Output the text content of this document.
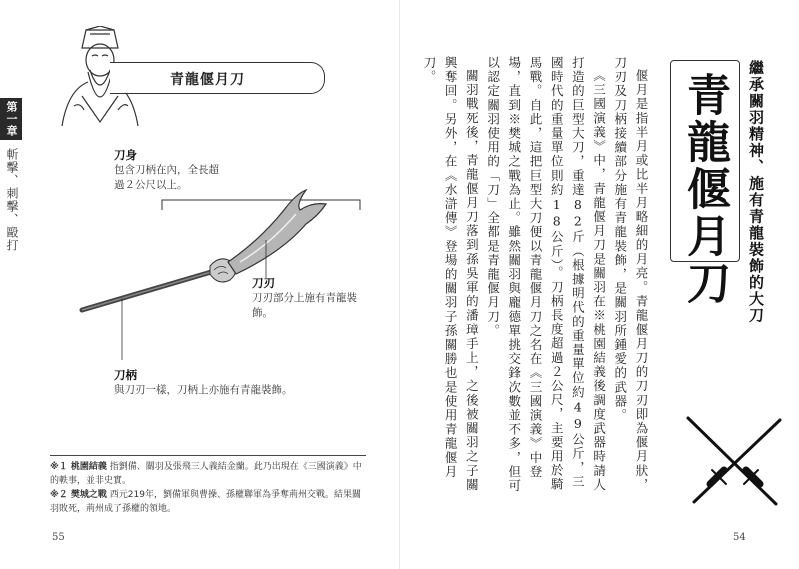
第一章
斬擊、刺擊、毆打
青龍偃月刀
刀身
包含刀柄在內，全長超過２公尺以上。
刀刃
刀刃部分上施有青龍裝飾。
刀柄
與刀刃一樣，刀柄上亦施有青龍裝飾。
※１ 桃園結義 指劉備、關羽及張飛三人義結金蘭。此乃出現在《三國演義》中的軼事，並非史實。
※２ 樊城之戰 西元219年，劉備軍與曹操、孫權聯軍為爭奪荊州交戰。結果關羽敗死，荊州成了孫權的領地。
55
繼承關羽精神、施有青龍裝飾的大刀
青龍偃月刀

偃月是指半月或比半月略細的月亮。青龍偃月刀的刀刃即為偃月狀，刀刃及刀柄接續部分施有青龍裝飾，是關羽所鍾愛的武器。

《三國演義》中，青龍偃月刀是關羽在※桃園結義後調度武器時請人打造的巨型大刀，重達82斤（根據明代的重量單位約49公斤，三國時代的重量單位則約18公斤）。刀柄長度超過２公尺，主要用於騎馬戰。自此，這把巨型大刀便以青龍偃月刀之名在《三國演義》中登場，直到※樊城之戰為止。雖然關羽與龐德單挑交鋒次數並不多，但可以認定關羽使用的「刀」全都是青龍偃月刀。

關羽戰死後，青龍偃月刀落到孫吳軍的潘璋手上，之後被關羽之子關興奪回。另外，在《水滸傳》登場的關羽子孫關勝也是使用青龍偃月刀。

54
